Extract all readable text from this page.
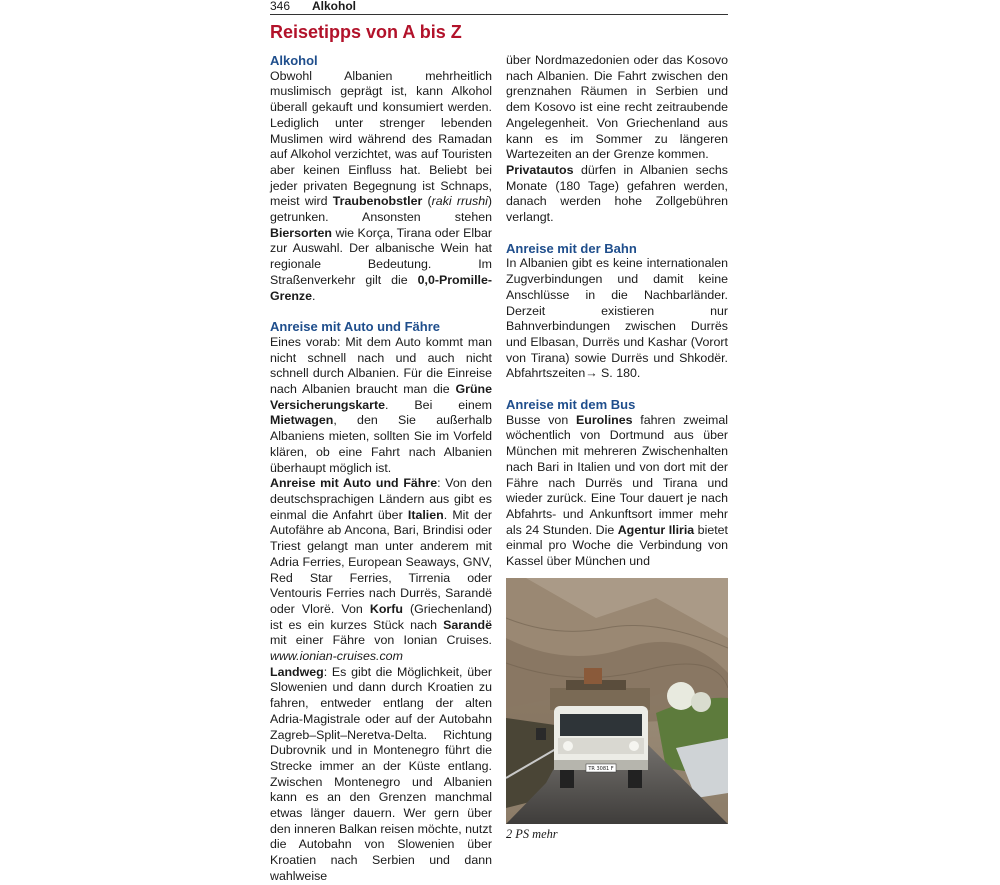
346 Alkohol
Reisetipps von A bis Z
Alkohol

Obwohl Albanien mehrheitlich muslimisch geprägt ist, kann Alkohol überall gekauft und konsumiert werden. Lediglich unter strenger lebenden Muslimen wird während des Ramadan auf Alkohol verzichtet, was auf Touristen aber keinen Einfluss hat. Beliebt bei jeder privaten Begegnung ist Schnaps, meist wird Traubenobstler (raki rrushi) getrunken. Ansonsten stehen Biersorten wie Korça, Tirana oder Elbar zur Auswahl. Der albanische Wein hat regionale Bedeutung. Im Straßenverkehr gilt die 0,0-Promille-Grenze.

Anreise mit Auto und Fähre

Eines vorab: Mit dem Auto kommt man nicht schnell nach und auch nicht schnell durch Albanien. Für die Einreise nach Albanien braucht man die Grüne Versicherungskarte. Bei einem Mietwagen, den Sie außerhalb Albaniens mieten, sollten Sie im Vorfeld klären, ob eine Fahrt nach Albanien überhaupt möglich ist.

Anreise mit Auto und Fähre: Von den deutschsprachigen Ländern aus gibt es einmal die Anfahrt über Italien. Mit der Autofähre ab Ancona, Bari, Brindisi oder Triest gelangt man unter anderem mit Adria Ferries, European Seaways, GNV, Red Star Ferries, Tirrenia oder Ventouris Ferries nach Durrës, Sarandë oder Vlorë. Von Korfu (Griechenland) ist es ein kurzes Stück nach Sarandë mit einer Fähre von Ionian Cruises. www.ionian-cruises.com

Landweg: Es gibt die Möglichkeit, über Slowenien und dann durch Kroatien zu fahren, entweder entlang der alten Adria-Magistrale oder auf der Autobahn Zagreb–Split–Neretva-Delta. Richtung Dubrovnik und in Montenegro führt die Strecke immer an der Küste entlang. Zwischen Montenegro und Albanien kann es an den Grenzen manchmal etwas länger dauern. Wer gern über den inneren Balkan reisen möchte, nutzt die Autobahn von Slowenien über Kroatien nach Serbien und dann wahlweise

über Nordmazedonien oder das Kosovo nach Albanien. Die Fahrt zwischen den grenznahen Räumen in Serbien und dem Kosovo ist eine recht zeitraubende Angelegenheit. Von Griechenland aus kann es im Sommer zu längeren Wartezeiten an der Grenze kommen.

Privatautos dürfen in Albanien sechs Monate (180 Tage) gefahren werden, danach werden hohe Zollgebühren verlangt.

Anreise mit der Bahn

In Albanien gibt es keine internationalen Zugverbindungen und damit keine Anschlüsse in die Nachbarländer. Derzeit existieren nur Bahnverbindungen zwischen Durrës und Elbasan, Durrës und Kashar (Vorort von Tirana) sowie Durrës und Shkodër. Abfahrtszeiten→ S. 180.

Anreise mit dem Bus

Busse von Eurolines fahren zweimal wöchentlich von Dortmund aus über München mit mehreren Zwischenhalten nach Bari in Italien und von dort mit der Fähre nach Durrës und Tirana und wieder zurück. Eine Tour dauert je nach Abfahrts- und Ankunftsort immer mehr als 24 Stunden. Die Agentur Iliria bietet einmal pro Woche die Verbindung von Kassel über München und

TR 3081 F
2 PS mehr
